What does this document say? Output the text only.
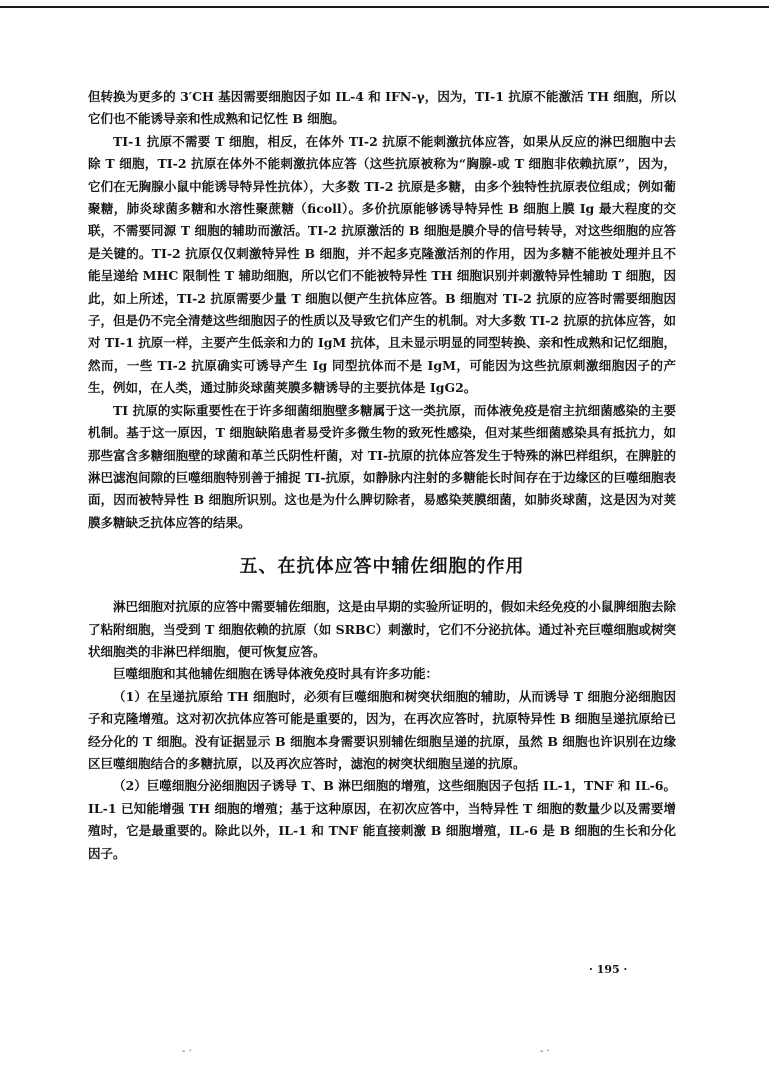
但转换为更多的 3′CH 基因需要细胞因子如 IL-4 和 IFN-γ，因为，TI-1 抗原不能激活 TH 细胞，所以它们也不能诱导亲和性成熟和记忆性 B 细胞。

TI-1 抗原不需要 T 细胞，相反，在体外 TI-2 抗原不能刺激抗体应答，如果从反应的淋巴细胞中去除 T 细胞，TI-2 抗原在体外不能刺激抗体应答（这些抗原被称为“胸腺-或 T 细胞非依赖抗原”，因为，它们在无胸腺小鼠中能诱导特异性抗体），大多数 TI-2 抗原是多糖，由多个独特性抗原表位组成；例如葡聚糖，肺炎球菌多糖和水溶性聚蔗糖（ficoll）。多价抗原能够诱导特异性 B 细胞上膜 Ig 最大程度的交联，不需要同源 T 细胞的辅助而激活。TI-2 抗原激活的 B 细胞是膜介导的信号转导，对这些细胞的应答是关键的。TI-2 抗原仅仅刺激特异性 B 细胞，并不起多克隆激活剂的作用，因为多糖不能被处理并且不能呈递给 MHC 限制性 T 辅助细胞，所以它们不能被特异性 TH 细胞识别并刺激特异性辅助 T 细胞，因此，如上所述，TI-2 抗原需要少量 T 细胞以便产生抗体应答。B 细胞对 TI-2 抗原的应答时需要细胞因子，但是仍不完全清楚这些细胞因子的性质以及导致它们产生的机制。对大多数 TI-2 抗原的抗体应答，如对 TI-1 抗原一样，主要产生低亲和力的 IgM 抗体，且未显示明显的同型转换、亲和性成熟和记忆细胞，然而，一些 TI-2 抗原确实可诱导产生 Ig 同型抗体而不是 IgM，可能因为这些抗原刺激细胞因子的产生，例如，在人类，通过肺炎球菌荚膜多糖诱导的主要抗体是 IgG2。

TI 抗原的实际重要性在于许多细菌细胞壁多糖属于这一类抗原，而体液免疫是宿主抗细菌感染的主要机制。基于这一原因，T 细胞缺陷患者易受许多微生物的致死性感染，但对某些细菌感染具有抵抗力，如那些富含多糖细胞壁的球菌和革兰氏阴性杆菌，对 TI-抗原的抗体应答发生于特殊的淋巴样组织，在脾脏的淋巴滤泡间隙的巨噬细胞特别善于捕捉 TI-抗原，如静脉内注射的多糖能长时间存在于边缘区的巨噬细胞表面，因而被特异性 B 细胞所识别。这也是为什么脾切除者，易感染荚膜细菌，如肺炎球菌，这是因为对荚膜多糖缺乏抗体应答的结果。

五、在抗体应答中辅佐细胞的作用

淋巴细胞对抗原的应答中需要辅佐细胞，这是由早期的实验所证明的，假如未经免疫的小鼠脾细胞去除了粘附细胞，当受到 T 细胞依赖的抗原（如 SRBC）刺激时，它们不分泌抗体。通过补充巨噬细胞或树突状细胞类的非淋巴样细胞，便可恢复应答。

巨噬细胞和其他辅佐细胞在诱导体液免疫时具有许多功能：

（1）在呈递抗原给 TH 细胞时，必须有巨噬细胞和树突状细胞的辅助，从而诱导 T 细胞分泌细胞因子和克隆增殖。这对初次抗体应答可能是重要的，因为，在再次应答时，抗原特异性 B 细胞呈递抗原给已经分化的 T 细胞。没有证据显示 B 细胞本身需要识别辅佐细胞呈递的抗原，虽然 B 细胞也许识别在边缘区巨噬细胞结合的多糖抗原，以及再次应答时，滤泡的树突状细胞呈递的抗原。

（2）巨噬细胞分泌细胞因子诱导 T、B 淋巴细胞的增殖，这些细胞因子包括 IL-1，TNF 和 IL-6。IL-1 已知能增强 TH 细胞的增殖；基于这种原因，在初次应答中，当特异性 T 细胞的数量少以及需要增殖时，它是最重要的。除此以外，IL-1 和 TNF 能直接刺激 B 细胞增殖，IL-6 是 B 细胞的生长和分化因子。

· 195 ·
- ·	- ·
